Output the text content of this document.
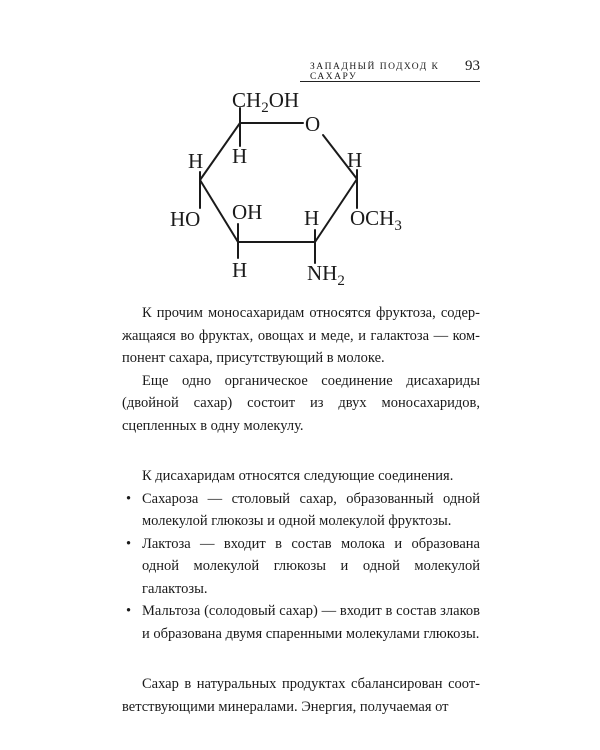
ЗАПАДНЫЙ ПОДХОД К САХАРУ
93
$CH_2OH$
O
H
H
HO OH
H
H
$NH_2$
H
$OCH_3$

К прочим моносахаридам относятся фруктоза, содержащаяся во фруктах, овощах и меде, и галактоза — компонент сахара, присутствующий в молоке.

Еще одно органическое соединение дисахариды (двойной сахар) состоит из двух моносахаридов, сцепленных в одну молекулу.

К дисахаридам относятся следующие соединения.

• Сахароза — столовый сахар, образованный одной молекулой глюкозы и одной молекулой фруктозы.
• Лактоза — входит в состав молока и образована одной молекулой глюкозы и одной молекулой галактозы.
• Мальтоза (солодовый сахар) — входит в состав злаков и образована двумя спаренными молекулами глюкозы.

Сахар в натуральных продуктах сбалансирован соответствующими минералами. Энергия, получаемая от
